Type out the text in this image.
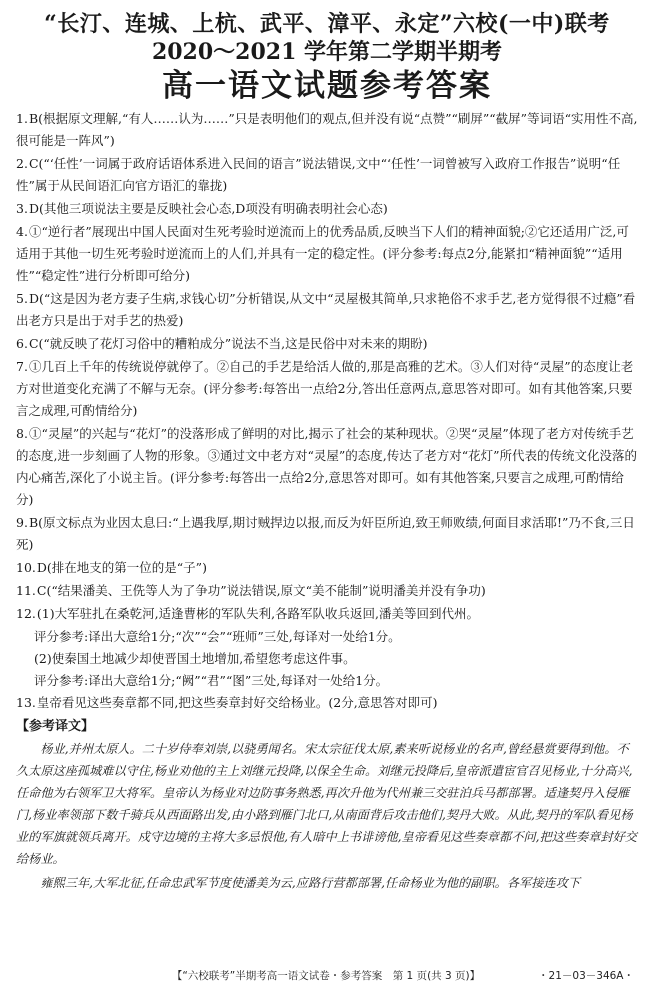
“长汀、连城、上杭、武平、漳平、永定”六校(一中)联考
2020～2021 学年第二学期半期考
高一语文试题参考答案
1.B(根据原文理解,“有人……认为……”只是表明他们的观点,但并没有说“点赞”“刷屏”“截屏”等词语“实用性不高,很可能是一阵风”)
2.C(“‘任性’一词属于政府话语体系进入民间的语言”说法错误,文中“‘任性’一词曾被写入政府工作报告”说明“任性”属于从民间语汇向官方语汇的靠拢)
3.D(其他三项说法主要是反映社会心态,D项没有明确表明社会心态)
4.①“逆行者”展现出中国人民面对生死考验时逆流而上的优秀品质,反映当下人们的精神面貌;②它还适用广泛,可适用于其他一切生死考验时逆流而上的人们,并具有一定的稳定性。(评分参考:每点2分,能紧扣“精神面貌”“适用性”“稳定性”进行分析即可给分)
5.D(“这是因为老方妻子生病,求钱心切”分析错误,从文中“灵屋极其简单,只求艳俗不求手艺,老方觉得很不过瘾”看出老方只是出于对手艺的热爱)
6.C(“就反映了花灯习俗中的糟粕成分”说法不当,这是民俗中对未来的期盼)
7.①几百上千年的传统说停就停了。②自己的手艺是给活人做的,那是高雅的艺术。③人们对待“灵屋”的态度让老方对世道变化充满了不解与无奈。(评分参考:每答出一点给2分,答出任意两点,意思答对即可。如有其他答案,只要言之成理,可酌情给分)
8.①“灵屋”的兴起与“花灯”的没落形成了鲜明的对比,揭示了社会的某种现状。②哭“灵屋”体现了老方对传统手艺的态度,进一步刻画了人物的形象。③通过文中老方对“灵屋”的态度,传达了老方对“花灯”所代表的传统文化没落的内心痛苦,深化了小说主旨。(评分参考:每答出一点给2分,意思答对即可。如有其他答案,只要言之成理,可酌情给分)
9.B(原文标点为业因太息曰:“上遇我厚,期讨贼捍边以报,而反为奸臣所迫,致王师败绩,何面目求活耶!”乃不食,三日死)
10.D(排在地支的第一位的是“子”)
11.C(“结果潘美、王侁等人为了争功”说法错误,原文“美不能制”说明潘美并没有争功)
12.(1)大军驻扎在桑乾河,适逢曹彬的军队失利,各路军队收兵返回,潘美等回到代州。
评分参考:译出大意给1分;“次”“会”“班师”三处,每译对一处给1分。
(2)使秦国土地减少却使晋国土地增加,希望您考虑这件事。
评分参考:译出大意给1分;“阙”“君”“图”三处,每译对一处给1分。
13.皇帝看见这些奏章都不同,把这些奏章封好交给杨业。(2分,意思答对即可)
【参考译文】

杨业,并州太原人。二十岁侍奉刘崇,以骁勇闻名。宋太宗征伐太原,素来听说杨业的名声,曾经悬赏要得到他。不久太原这座孤城难以守住,杨业劝他的主上刘继元投降,以保全生命。刘继元投降后,皇帝派遣宦官召见杨业,十分高兴,任命他为右领军卫大将军。皇帝认为杨业对边防事务熟悉,再次升他为代州兼三交驻泊兵马都部署。适逢契丹入侵雁门,杨业率领部下数千骑兵从西面路出发,由小路到雁门北口,从南面背后攻击他们,契丹大败。从此,契丹的军队看见杨业的军旗就领兵离开。戍守边境的主将大多忌恨他,有人暗中上书诽谤他,皇帝看见这些奏章都不问,把这些奏章封好交给杨业。

雍熙三年,大军北征,任命忠武军节度使潘美为云,应路行营都部署,任命杨业为他的副职。各军接连攻下

【“六校联考”半期考高一语文试卷・参考答案　第 1 页(共 3 页)】	・21－03－346A・
